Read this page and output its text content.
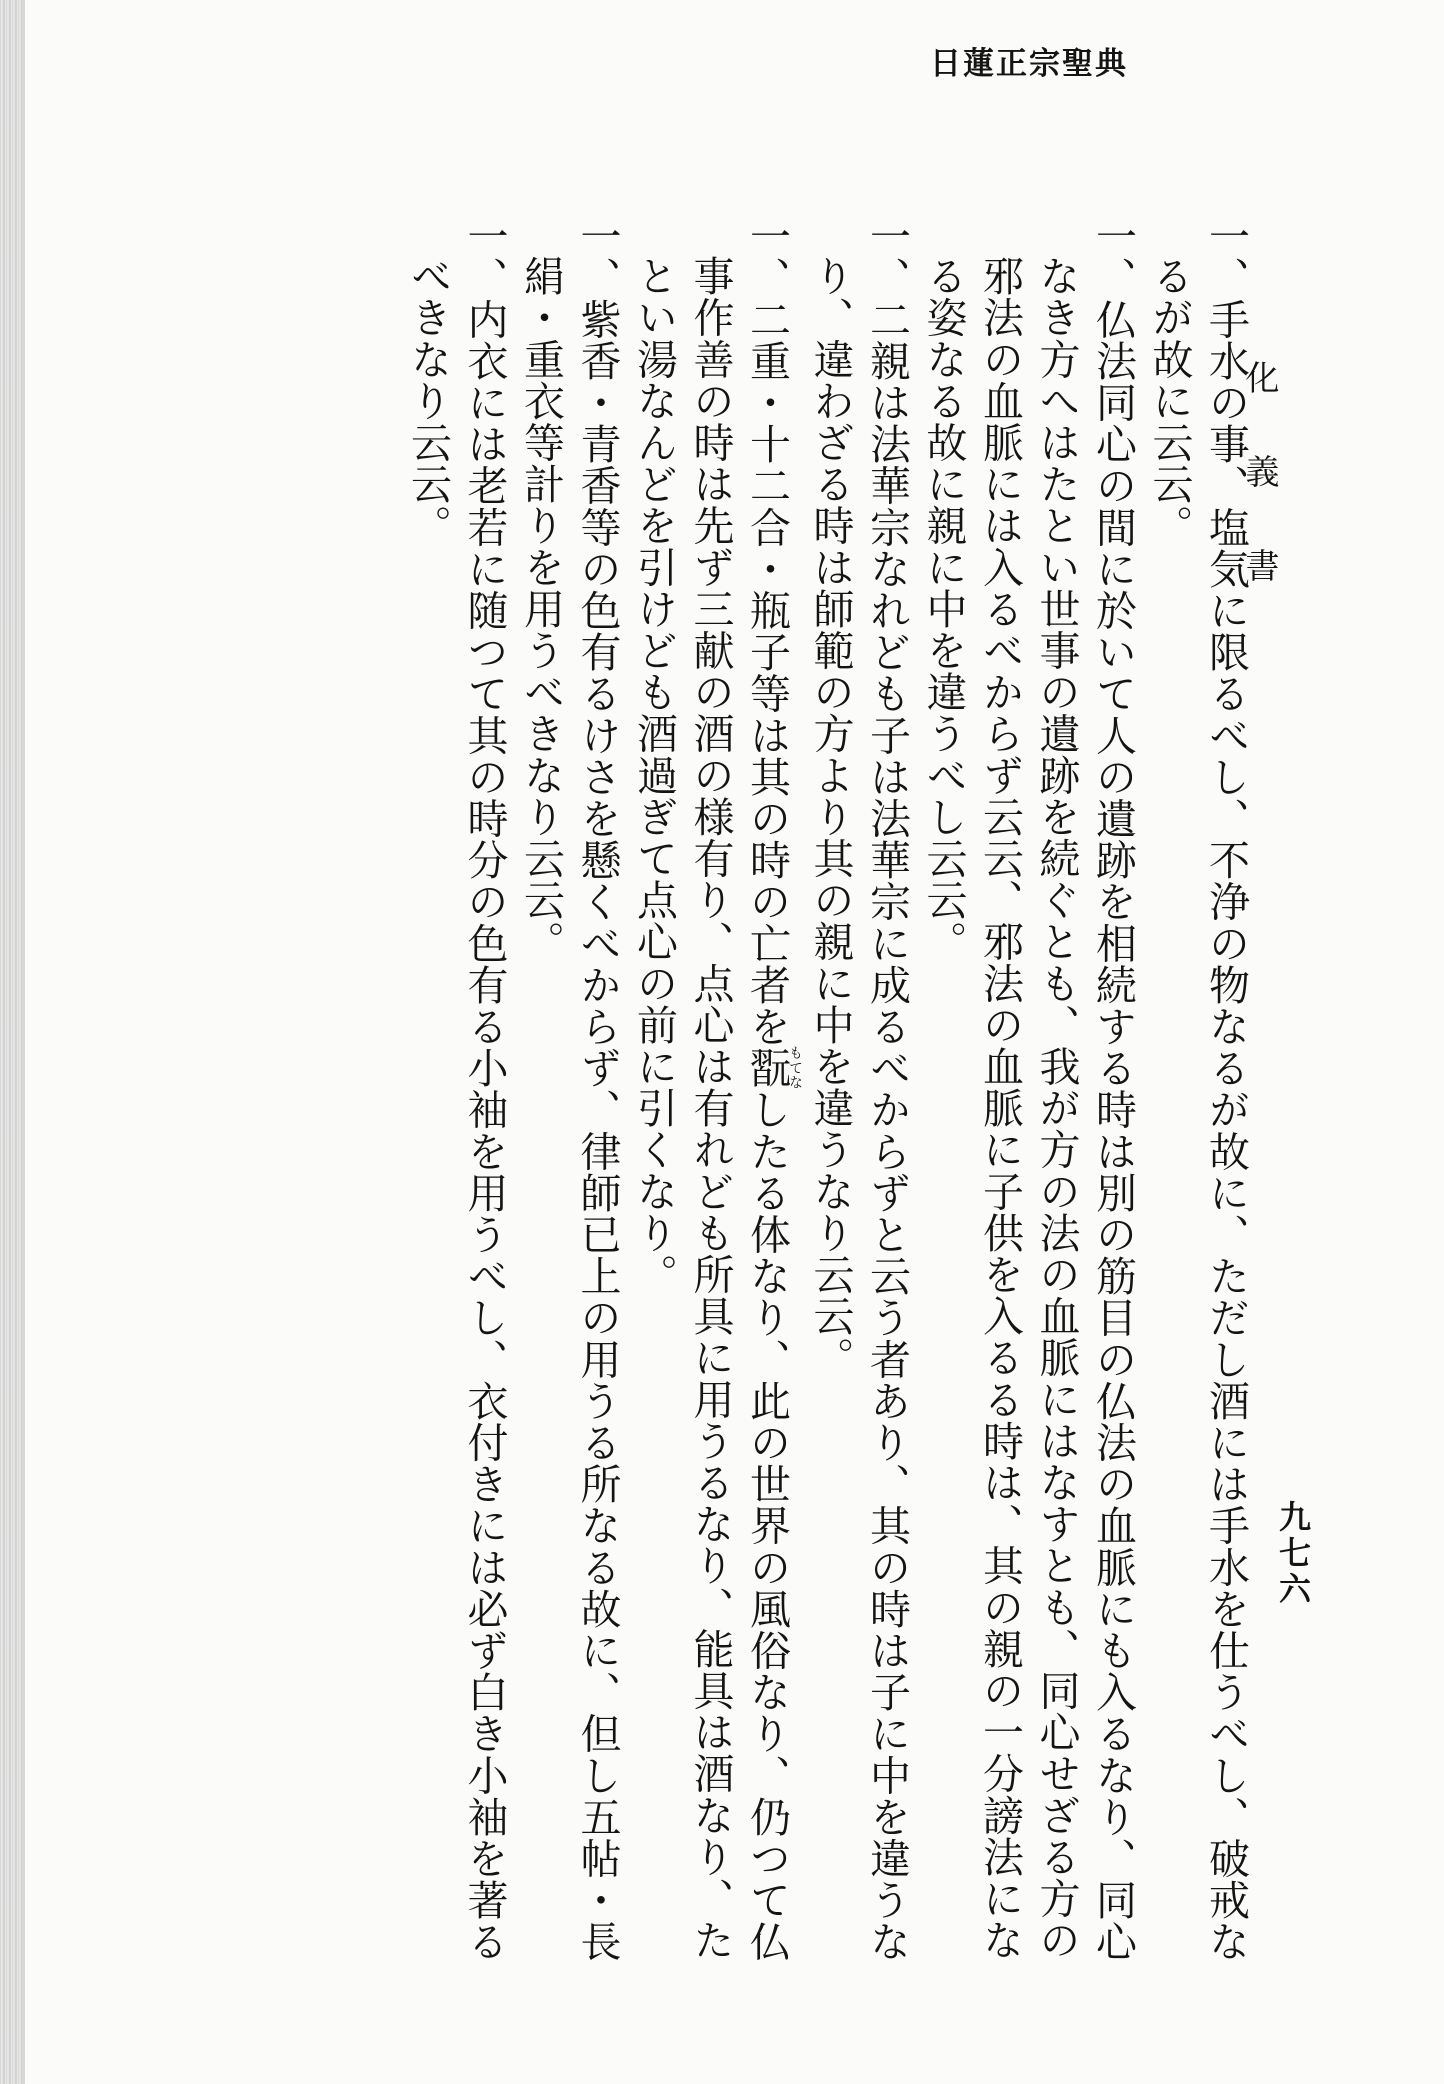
日蓮正宗聖典
化義書
九七六

一、手水の事、塩気に限るべし、不浄の物なるが故に、ただし酒には手水を仕うべし、破戒なるが故に云云。

一、仏法同心の間に於いて人の遺跡を相続する時は別の筋目の仏法の血脈にも入るなり、同心なき方へはたとい世事の遺跡を続ぐとも、我が方の法の血脈にはなすとも、同心せざる方の邪法の血脈には入るべからず云云、邪法の血脈に子供を入るる時は、其の親の一分謗法になる姿なる故に親に中を違うべし云云。

一、二親は法華宗なれども子は法華宗に成るべからずと云う者あり、其の時は子に中を違うなり、違わざる時は師範の方より其の親に中を違うなり云云。

一、二重・十二合・瓶子等は其の時の亡者を翫もてなしたる体なり、此の世界の風俗なり、仍つて仏事作善の時は先ず三献の酒の様有り、点心は有れども所具に用うるなり、能具は酒なり、たとい湯なんどを引けども酒過ぎて点心の前に引くなり。

一、紫香・青香等の色有るけさを懸くべからず、律師已上の用うる所なる故に、但し五帖・長絹・重衣等計りを用うべきなり云云。

一、内衣には老若に随つて其の時分の色有る小袖を用うべし、衣付きには必ず白き小袖を著るべきなり云云。
